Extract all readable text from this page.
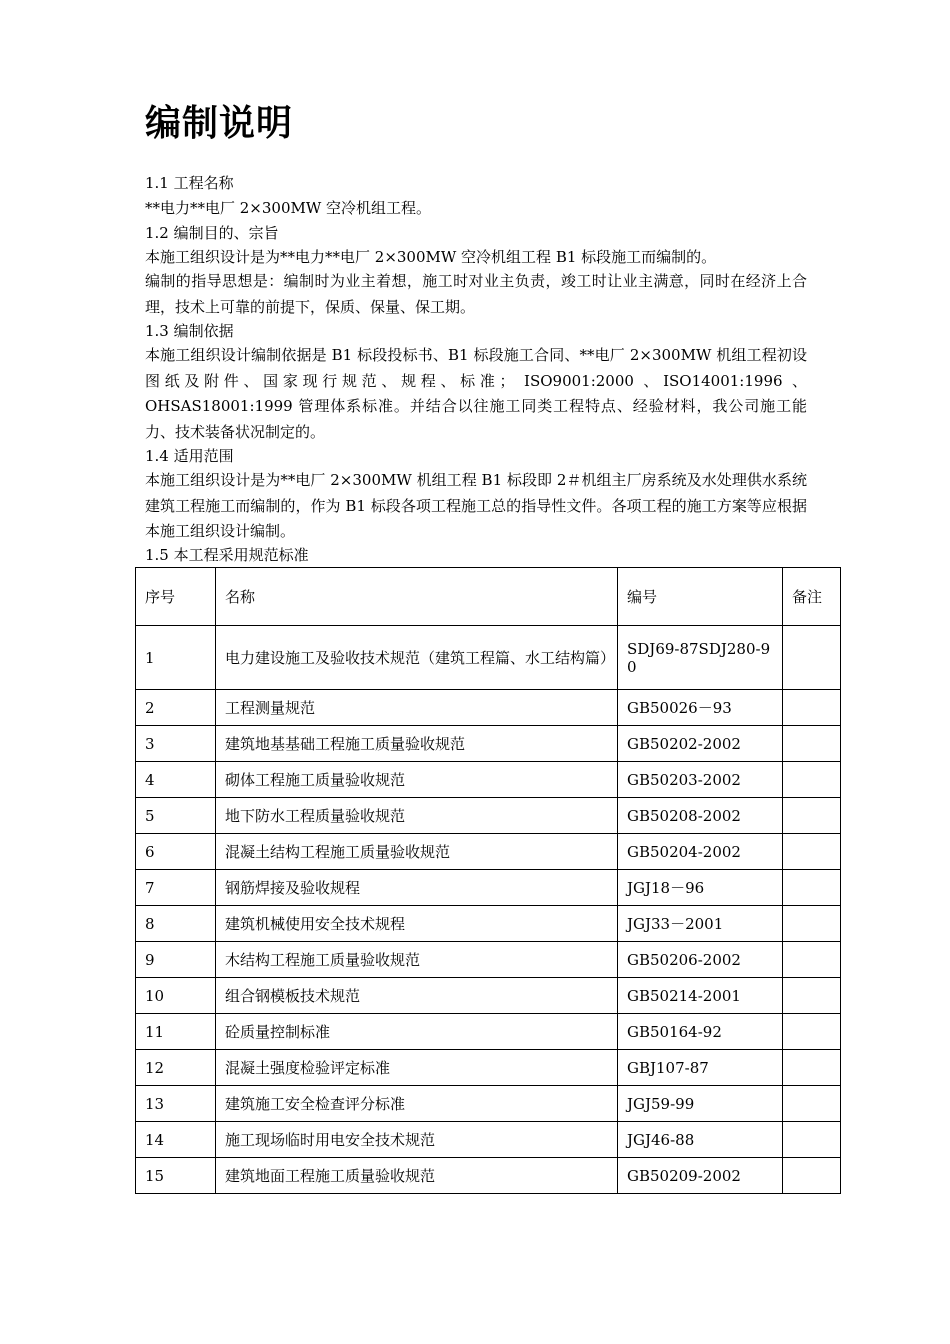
编制说明
1.1 工程名称
**电力**电厂 2×300MW 空冷机组工程。
1.2 编制目的、宗旨
本施工组织设计是为**电力**电厂 2×300MW 空冷机组工程 B1 标段施工而编制的。
编制的指导思想是：编制时为业主着想，施工时对业主负责，竣工时让业主满意，同时在经济上合理，技术上可靠的前提下，保质、保量、保工期。
1.3 编制依据
本施工组织设计编制依据是 B1 标段投标书、B1 标段施工合同、**电厂 2×300MW 机组工程初设图纸及附件、国家现行规范、规程、标准； ISO9001:2000 、ISO14001:1996 、OHSAS18001:1999 管理体系标准。并结合以往施工同类工程特点、经验材料，我公司施工能力、技术装备状况制定的。
1.4 适用范围
本施工组织设计是为**电厂 2×300MW 机组工程 B1 标段即 2＃机组主厂房系统及水处理供水系统建筑工程施工而编制的，作为 B1 标段各项工程施工总的指导性文件。各项工程的施工方案等应根据本施工组织设计编制。
1.5 本工程采用规范标准
序号	名称	编号	备注
1	电力建设施工及验收技术规范（建筑工程篇、水工结构篇）	SDJ69-87SDJ280-9 0	
2	工程测量规范	GB50026－93	
3	建筑地基基础工程施工质量验收规范	GB50202-2002	
4	砌体工程施工质量验收规范	GB50203-2002	
5	地下防水工程质量验收规范	GB50208-2002	
6	混凝土结构工程施工质量验收规范	GB50204-2002	
7	钢筋焊接及验收规程	JGJ18－96	
8	建筑机械使用安全技术规程	JGJ33－2001	
9	木结构工程施工质量验收规范	GB50206-2002	
10	组合钢模板技术规范	GB50214-2001	
11	砼质量控制标准	GB50164-92	
12	混凝土强度检验评定标准	GBJ107-87	
13	建筑施工安全检查评分标准	JGJ59-99	
14	施工现场临时用电安全技术规范	JGJ46-88	
15	建筑地面工程施工质量验收规范	GB50209-2002	
